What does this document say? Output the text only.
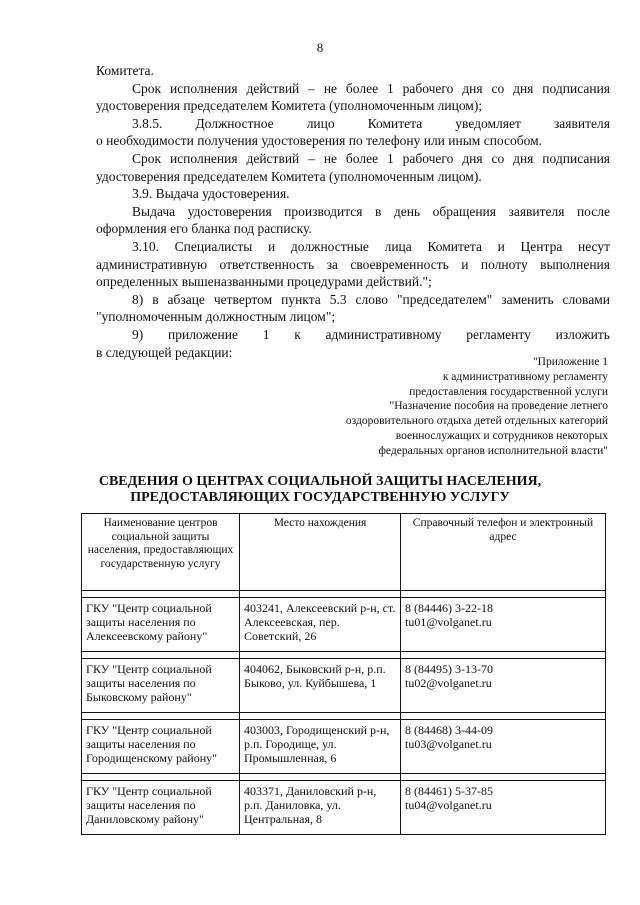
8

Комитета.

Срок исполнения действий – не более 1 рабочего дня со дня подписания

удостоверения председателем Комитета (уполномоченным лицом);

3.8.5. Должностное лицо Комитета уведомляет заявителя

о необходимости получения удостоверения по телефону или иным способом.

Срок исполнения действий – не более 1 рабочего дня со дня подписания

удостоверения председателем Комитета (уполномоченным лицом).

3.9. Выдача удостоверения.

Выдача удостоверения производится в день обращения заявителя после

оформления его бланка под расписку.

3.10. Специалисты и должностные лица Комитета и Центра несут

административную ответственность за своевременность и полноту выполнения

определенных вышеназванными процедурами действий.";

8) в абзаце четвертом пункта 5.3 слово "председателем" заменить словами

"уполномоченным должностным лицом";

9) приложение 1 к административному регламенту изложить

в следующей редакции:

"Приложение 1
к административному регламенту
предоставления государственной услуги
"Назначение пособия на проведение летнего
оздоровительного отдыха детей отдельных категорий
военнослужащих и сотрудников некоторых
федеральных органов исполнительной власти"
СВЕДЕНИЯ О ЦЕНТРАХ СОЦИАЛЬНОЙ ЗАЩИТЫ НАСЕЛЕНИЯ,
ПРЕДОСТАВЛЯЮЩИХ ГОСУДАРСТВЕННУЮ УСЛУГУ
Наименование центров социальной защиты населения, предоставляющих государственную услугу	Место нахождения	Справочный телефон и электронный адрес

ГКУ "Центр социальной защиты населения по Алексеевскому району"	403241, Алексеевский р-н, ст. Алексеевская, пер. Советский, 26	8 (84446) 3-22-18
tu01@volganet.ru

ГКУ "Центр социальной защиты населения по Быковскому району"	404062, Быковский р-н, р.п. Быково, ул. Куйбышева, 1	8 (84495) 3-13-70
tu02@volganet.ru

ГКУ "Центр социальной защиты населения по Городищенскому району"	403003, Городищенский р-н, р.п. Городище, ул. Промышленная, 6	8 (84468) 3-44-09
tu03@volganet.ru

ГКУ "Центр социальной защиты населения по Даниловскому району"	403371, Даниловский р-н, р.п. Даниловка, ул. Центральная, 8	8 (84461) 5-37-85
tu04@volganet.ru
